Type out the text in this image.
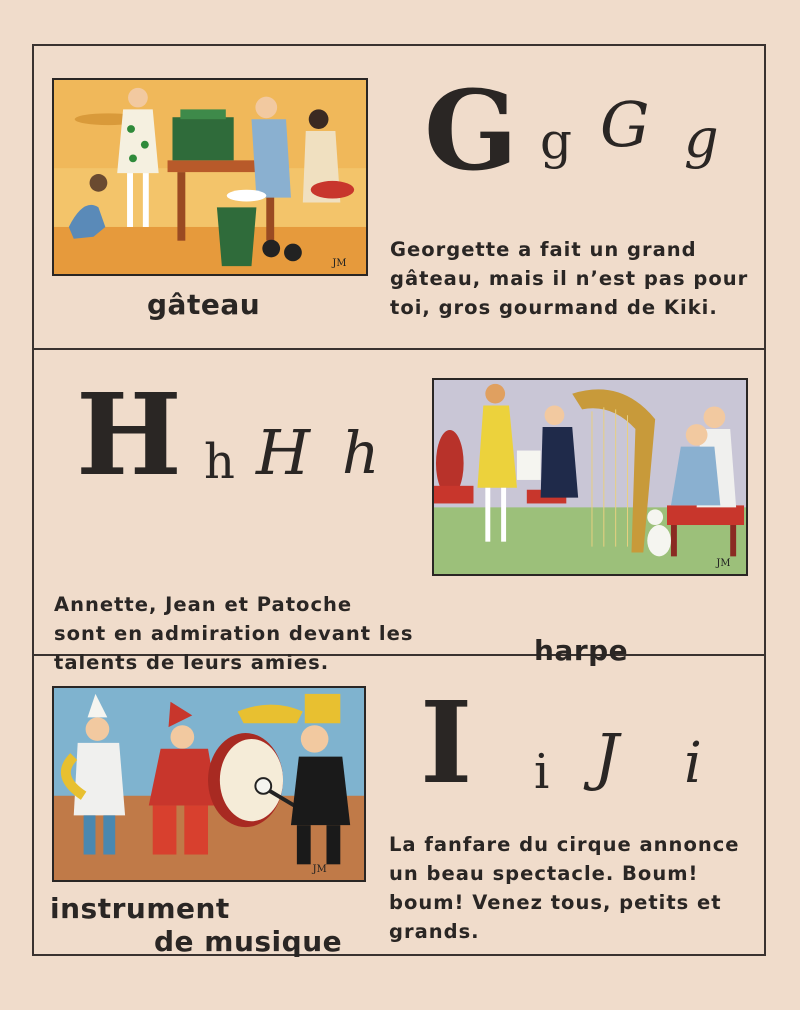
JM
gâteau
G g G g
Georgette a fait un grand
gâteau, mais il n’est pas pour
toi, gros gourmand de Kiki.
H h H h
Annette, Jean et Patoche
sont en admiration devant les
talents de leurs amies.
JM
harpe
JM
instrument
de musique
I i J i
La fanfare du cirque annonce
un beau spectacle. Boum!
boum! Venez tous, petits et
grands.
